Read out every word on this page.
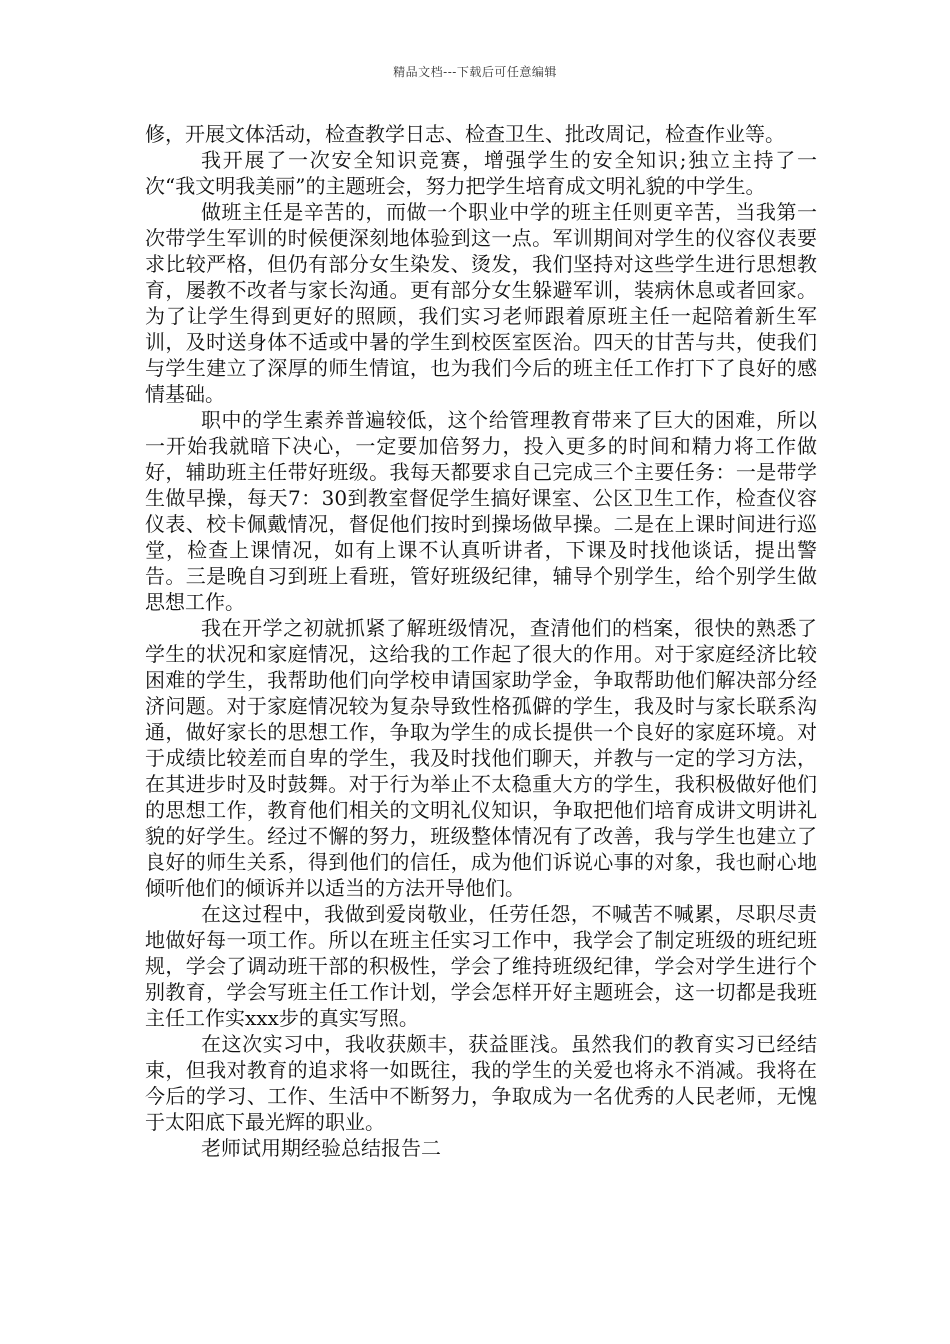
精品文档---下载后可任意编辑

修，开展文体活动，检查教学日志、检查卫生、批改周记，检查作业等。

我开展了一次安全知识竞赛，增强学生的安全知识;独立主持了一次“我文明我美丽”的主题班会，努力把学生培育成文明礼貌的中学生。

做班主任是辛苦的，而做一个职业中学的班主任则更辛苦，当我第一次带学生军训的时候便深刻地体验到这一点。军训期间对学生的仪容仪表要求比较严格，但仍有部分女生染发、烫发，我们坚持对这些学生进行思想教育，屡教不改者与家长沟通。更有部分女生躲避军训，装病休息或者回家。为了让学生得到更好的照顾，我们实习老师跟着原班主任一起陪着新生军训，及时送身体不适或中暑的学生到校医室医治。四天的甘苦与共，使我们与学生建立了深厚的师生情谊，也为我们今后的班主任工作打下了良好的感情基础。

职中的学生素养普遍较低，这个给管理教育带来了巨大的困难，所以一开始我就暗下决心，一定要加倍努力，投入更多的时间和精力将工作做好，辅助班主任带好班级。我每天都要求自己完成三个主要任务：一是带学生做早操，每天7：30到教室督促学生搞好课室、公区卫生工作，检查仪容仪表、校卡佩戴情况，督促他们按时到操场做早操。二是在上课时间进行巡堂，检查上课情况，如有上课不认真听讲者，下课及时找他谈话，提出警告。三是晚自习到班上看班，管好班级纪律，辅导个别学生，给个别学生做思想工作。

我在开学之初就抓紧了解班级情况，查清他们的档案，很快的熟悉了学生的状况和家庭情况，这给我的工作起了很大的作用。对于家庭经济比较困难的学生，我帮助他们向学校申请国家助学金，争取帮助他们解决部分经济问题。对于家庭情况较为复杂导致性格孤僻的学生，我及时与家长联系沟通，做好家长的思想工作，争取为学生的成长提供一个良好的家庭环境。对于成绩比较差而自卑的学生，我及时找他们聊天，并教与一定的学习方法，在其进步时及时鼓舞。对于行为举止不太稳重大方的学生，我积极做好他们的思想工作，教育他们相关的文明礼仪知识，争取把他们培育成讲文明讲礼貌的好学生。经过不懈的努力，班级整体情况有了改善，我与学生也建立了良好的师生关系，得到他们的信任，成为他们诉说心事的对象，我也耐心地倾听他们的倾诉并以适当的方法开导他们。

在这过程中，我做到爱岗敬业，任劳任怨，不喊苦不喊累，尽职尽责地做好每一项工作。所以在班主任实习工作中，我学会了制定班级的班纪班规，学会了调动班干部的积极性，学会了维持班级纪律，学会对学生进行个别教育，学会写班主任工作计划，学会怎样开好主题班会，这一切都是我班主任工作实xxx步的真实写照。

在这次实习中，我收获颇丰，获益匪浅。虽然我们的教育实习已经结束，但我对教育的追求将一如既往，我的学生的关爱也将永不消减。我将在今后的学习、工作、生活中不断努力，争取成为一名优秀的人民老师，无愧于太阳底下最光辉的职业。

老师试用期经验总结报告二
